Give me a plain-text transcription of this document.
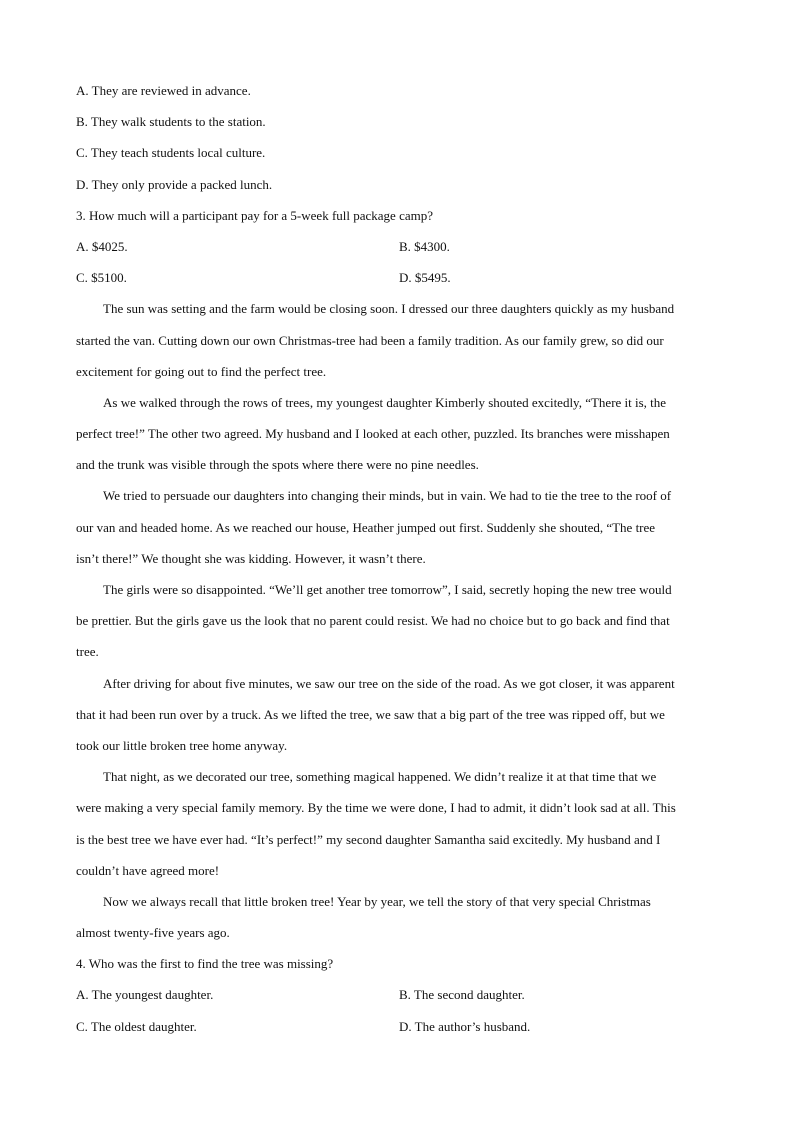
A. They are reviewed in advance.
B. They walk students to the station.
C. They teach students local culture.
D. They only provide a packed lunch.
3. How much will a participant pay for a 5-week full package camp?
A. $4025.	B. $4300.
C. $5100.	D. $5495.
The sun was setting and the farm would be closing soon. I dressed our three daughters quickly as my husband
started the van. Cutting down our own Christmas-tree had been a family tradition. As our family grew, so did our
excitement for going out to find the perfect tree.
As we walked through the rows of trees, my youngest daughter Kimberly shouted excitedly, “There it is, the
perfect tree!” The other two agreed. My husband and I looked at each other, puzzled. Its branches were misshapen
and the trunk was visible through the spots where there were no pine needles.
We tried to persuade our daughters into changing their minds, but in vain. We had to tie the tree to the roof of
our van and headed home. As we reached our house, Heather jumped out first. Suddenly she shouted, “The tree
isn’t there!” We thought she was kidding. However, it wasn’t there.
The girls were so disappointed. “We’ll get another tree tomorrow”, I said, secretly hoping the new tree would
be prettier. But the girls gave us the look that no parent could resist. We had no choice but to go back and find that
tree.
After driving for about five minutes, we saw our tree on the side of the road. As we got closer, it was apparent
that it had been run over by a truck. As we lifted the tree, we saw that a big part of the tree was ripped off, but we
took our little broken tree home anyway.
That night, as we decorated our tree, something magical happened. We didn’t realize it at that time that we
were making a very special family memory. By the time we were done, I had to admit, it didn’t look sad at all. This
is the best tree we have ever had. “It’s perfect!” my second daughter Samantha said excitedly. My husband and I
couldn’t have agreed more!
Now we always recall that little broken tree! Year by year, we tell the story of that very special Christmas
almost twenty-five years ago.
4. Who was the first to find the tree was missing?
A. The youngest daughter.	B. The second daughter.
C. The oldest daughter.	D. The author’s husband.
